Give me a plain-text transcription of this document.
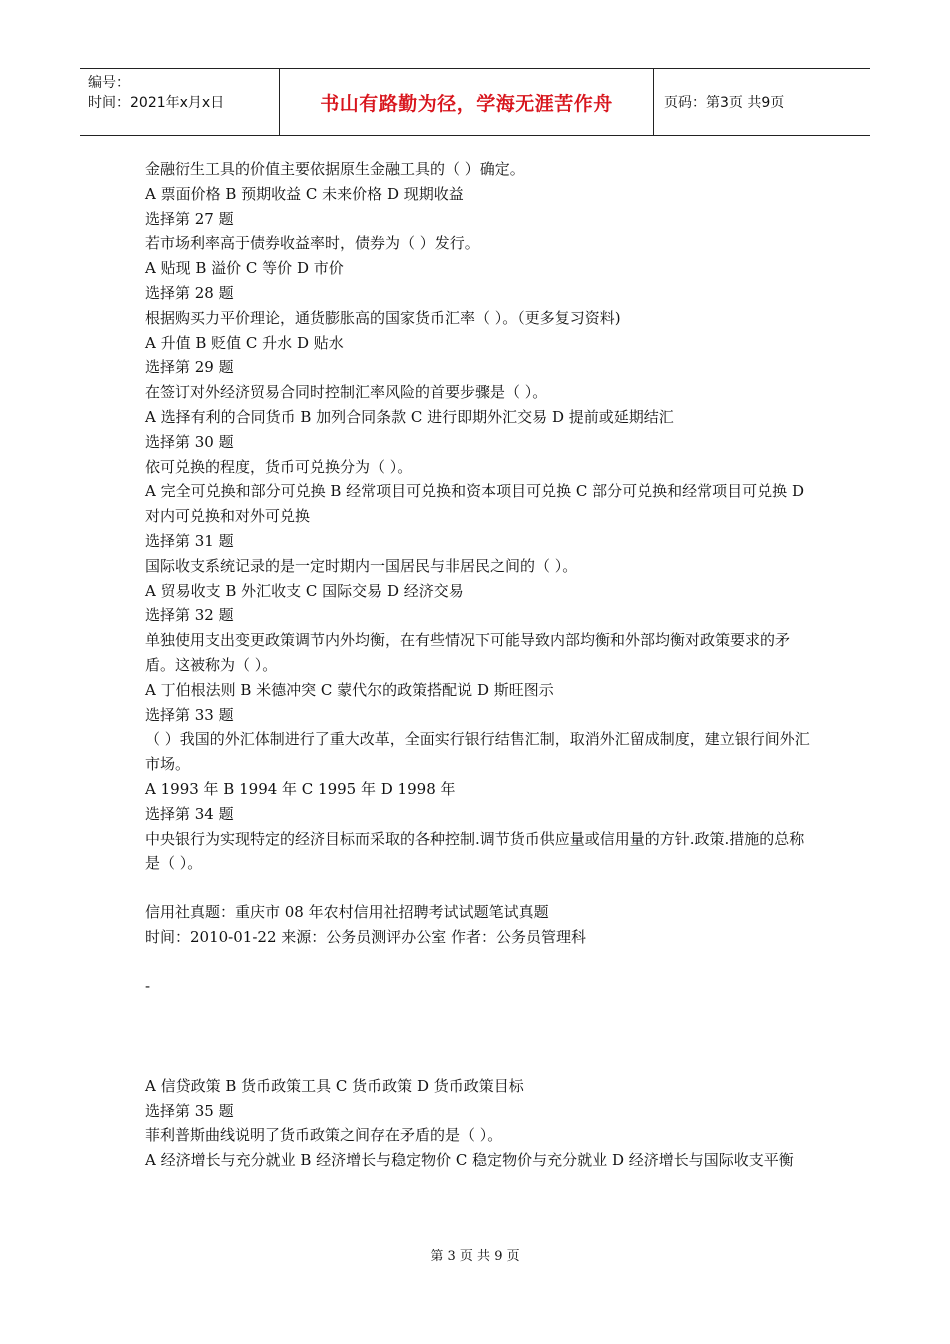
编号：
时间：2021年x月x日	书山有路勤为径，学海无涯苦作舟	页码：第3页 共9页
金融衍生工具的价值主要依据原生金融工具的（ ）确定。
A 票面价格 B 预期收益 C 未来价格 D 现期收益
选择第 27 题
若市场利率高于债券收益率时，债券为（ ）发行。
A 贴现 B 溢价 C 等价 D 市价
选择第 28 题
根据购买力平价理论，通货膨胀高的国家货币汇率（ ）。（更多复习资料)
A 升值 B 贬值 C 升水 D 贴水
选择第 29 题
在签订对外经济贸易合同时控制汇率风险的首要步骤是（ ）。
A 选择有利的合同货币 B 加列合同条款 C 进行即期外汇交易 D 提前或延期结汇
选择第 30 题
依可兑换的程度，货币可兑换分为（ ）。
A 完全可兑换和部分可兑换 B 经常项目可兑换和资本项目可兑换 C 部分可兑换和经常项目可兑换 D 对内可兑换和对外可兑换
选择第 31 题
国际收支系统记录的是一定时期内一国居民与非居民之间的（ ）。
A 贸易收支 B 外汇收支 C 国际交易 D 经济交易
选择第 32 题
单独使用支出变更政策调节内外均衡，在有些情况下可能导致内部均衡和外部均衡对政策要求的矛盾。这被称为（ ）。
A 丁伯根法则 B 米德冲突 C 蒙代尔的政策搭配说 D 斯旺图示
选择第 33 题
（ ）我国的外汇体制进行了重大改革，全面实行银行结售汇制，取消外汇留成制度，建立银行间外汇市场。
A 1993 年 B 1994 年 C 1995 年 D 1998 年
选择第 34 题
中央银行为实现特定的经济目标而采取的各种控制.调节货币供应量或信用量的方针.政策.措施的总称是（ ）。
信用社真题：重庆市 08 年农村信用社招聘考试试题笔试真题
时间：2010-01-22 来源：公务员测评办公室 作者：公务员管理科
-
A 信贷政策 B 货币政策工具 C 货币政策 D 货币政策目标
选择第 35 题
菲利普斯曲线说明了货币政策之间存在矛盾的是（ ）。
A 经济增长与充分就业 B 经济增长与稳定物价 C 稳定物价与充分就业 D 经济增长与国际收支平衡
第 3 页 共 9 页
